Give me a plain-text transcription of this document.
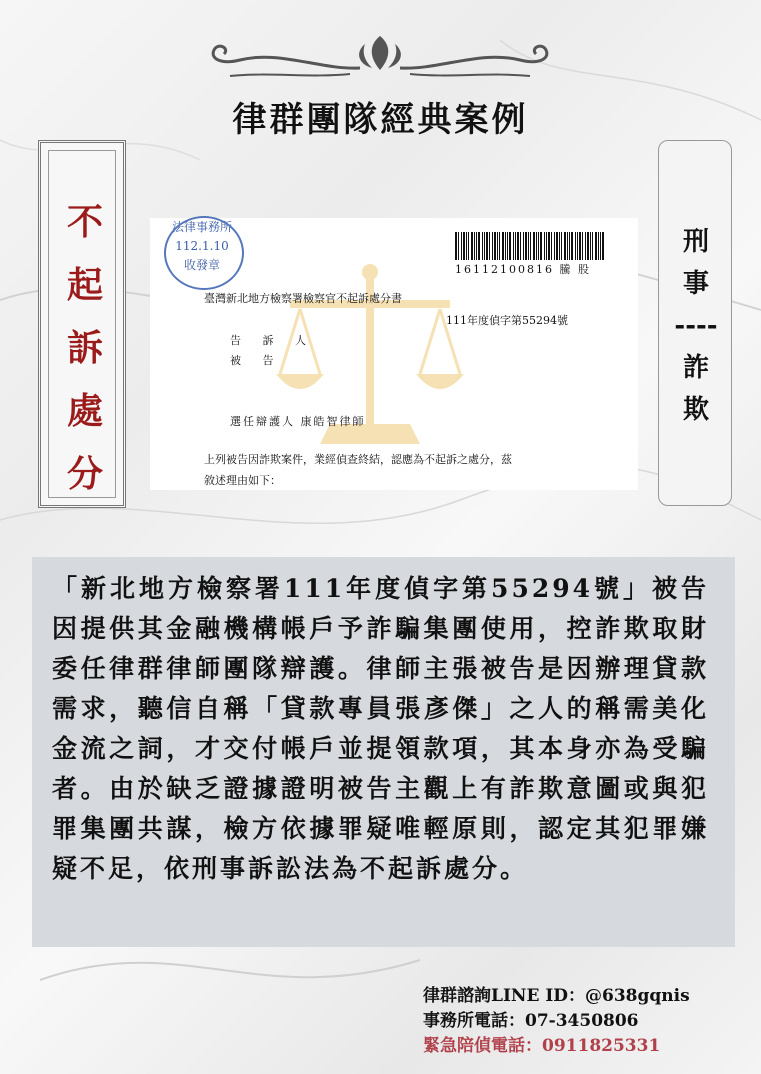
律群團隊經典案例
不
起
訴
處
分
刑
事
----
詐
欺
法律事務所
112.1.10
收發章	16112100816 騰 股
臺灣新北地方檢察署檢察官不起訴處分書
111年度偵字第55294號
告 訴 人
被 告
選任辯護人 康皓智律師
上列被告因詐欺案件，業經偵查終結，認應為不起訴之處分，茲
敘述理由如下：

「新北地方檢察署111年度偵字第55294號」被告因提供其金融機構帳戶予詐騙集團使用，控詐欺取財委任律群律師團隊辯護。律師主張被告是因辦理貸款需求，聽信自稱「貸款專員張彥傑」之人的稱需美化金流之詞，才交付帳戶並提領款項，其本身亦為受騙者。由於缺乏證據證明被告主觀上有詐欺意圖或與犯罪集團共謀，檢方依據罪疑唯輕原則，認定其犯罪嫌疑不足，依刑事訴訟法為不起訴處分。

律群諮詢LINE ID：@638gqnis
事務所電話：07-3450806
緊急陪偵電話：0911825331
